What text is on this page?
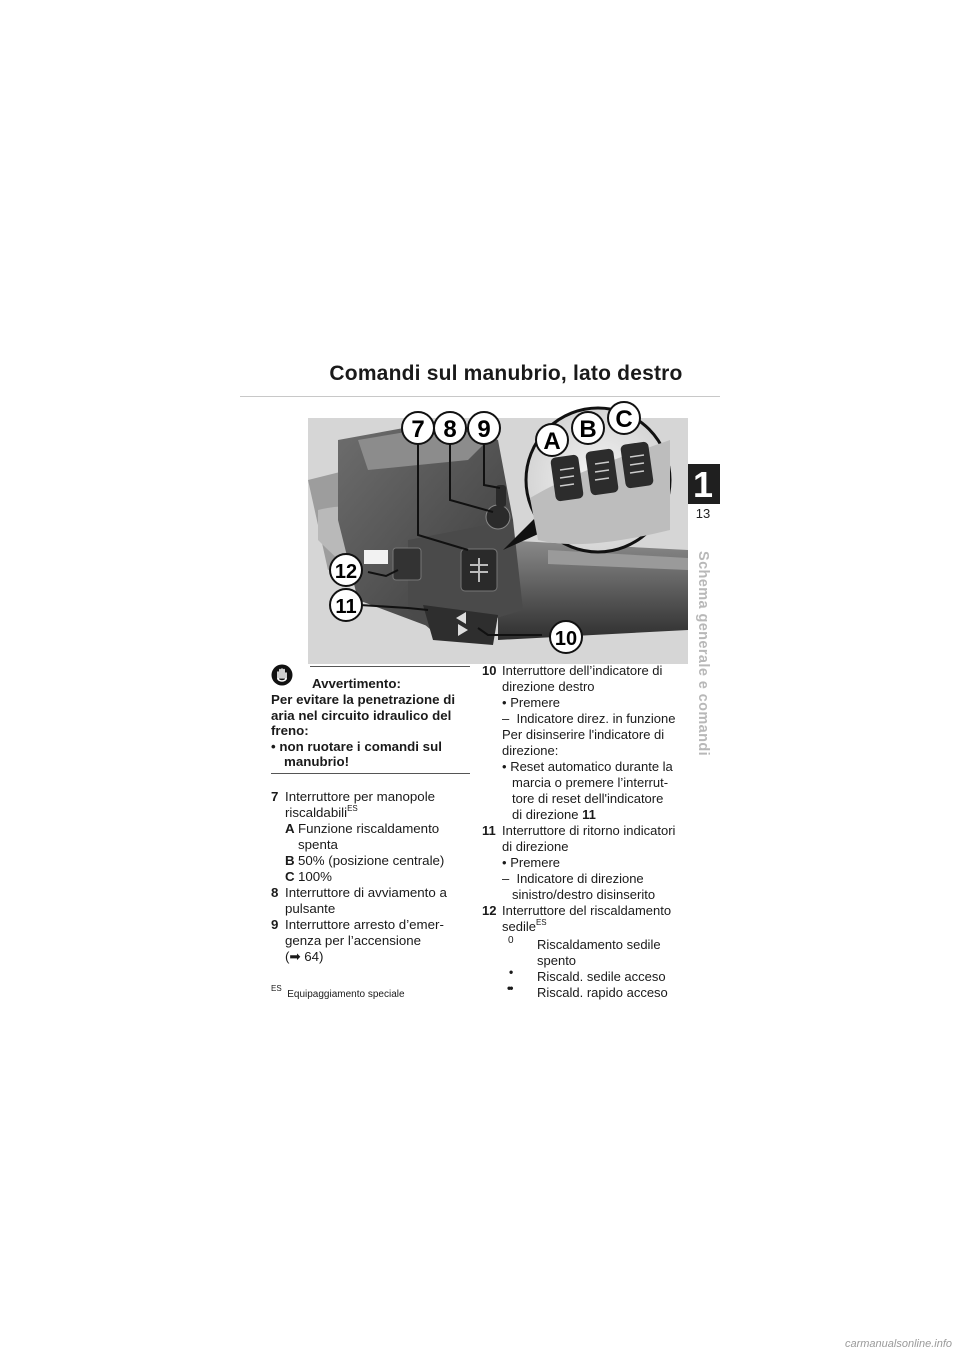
Comandi sul manubrio, lato destro
1
13
Schema generale e comandi
7 8 9 A B C
12
11
10
Avvertimento:
Per evitare la penetrazione di
aria nel circuito idraulico del
freno:
• non ruotare i comandi sul
manubrio!
7 Interruttore per manopole
riscaldabili$^{ES}$
A Funzione riscaldamento
spenta
B 50% (posizione centrale)
C 100%
8 Interruttore di avviamento a
pulsante
9 Interruttore arresto d’emer-
genza per l’accensione
(➡ 64)
$^{ES}$  Equipaggiamento speciale
10 Interruttore dell’indicatore di
direzione destro
• Premere
– Indicatore direz. in funzione
Per disinserire l'indicatore di
direzione:
• Reset automatico durante la
marcia o premere l’interrut-
tore di reset dell'indicatore
di direzione 11
11 Interruttore di ritorno indicatori
di direzione
• Premere
– Indicatore di direzione
sinistro/destro disinserito
12 Interruttore del riscaldamento
sedile$^{ES}$
0 Riscaldamento sedile
spento
• Riscald. sedile acceso
•• Riscald. rapido acceso
carmanualsonline.info
